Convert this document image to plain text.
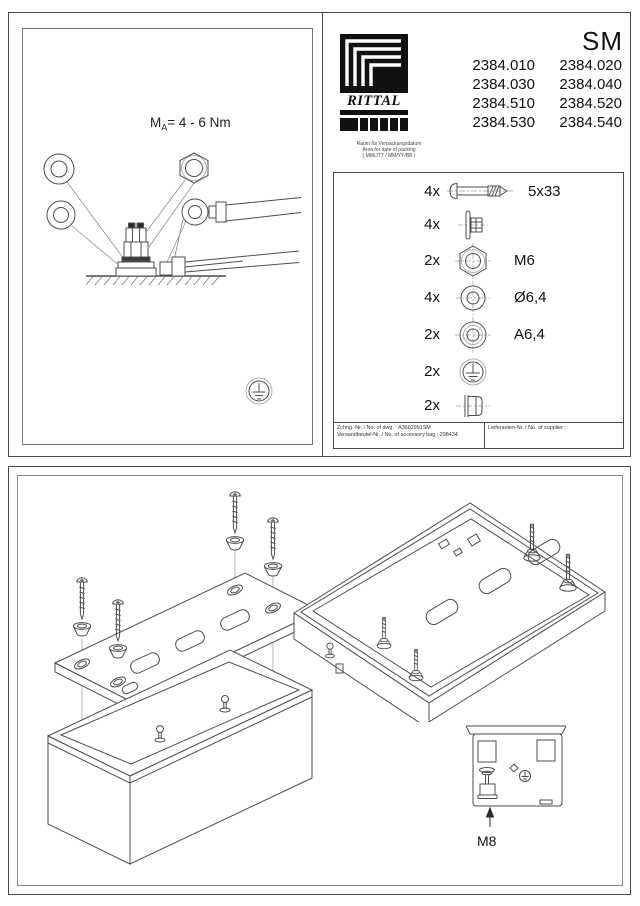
$M_A= 4 - 6$ Nm
RITTAL
SM
2384.010	2384.020
2384.030	2384.040
2384.510	2384.520
2384.530	2384.540
Raum für Verpackungsdatum
Area for date of packing
( MM/JTT / MM/YY/BB )
4x	5x33
4x
2x	M6
4x	Ø6,4
2x	A6,4
2x
2x
Zchng.-Nr. / No. of dwg. : A3602991SM
Versandbeutel-Nr. / No. of accessory bag : 298434
Lieferanten-Nr. / No. of supplier :
M8
